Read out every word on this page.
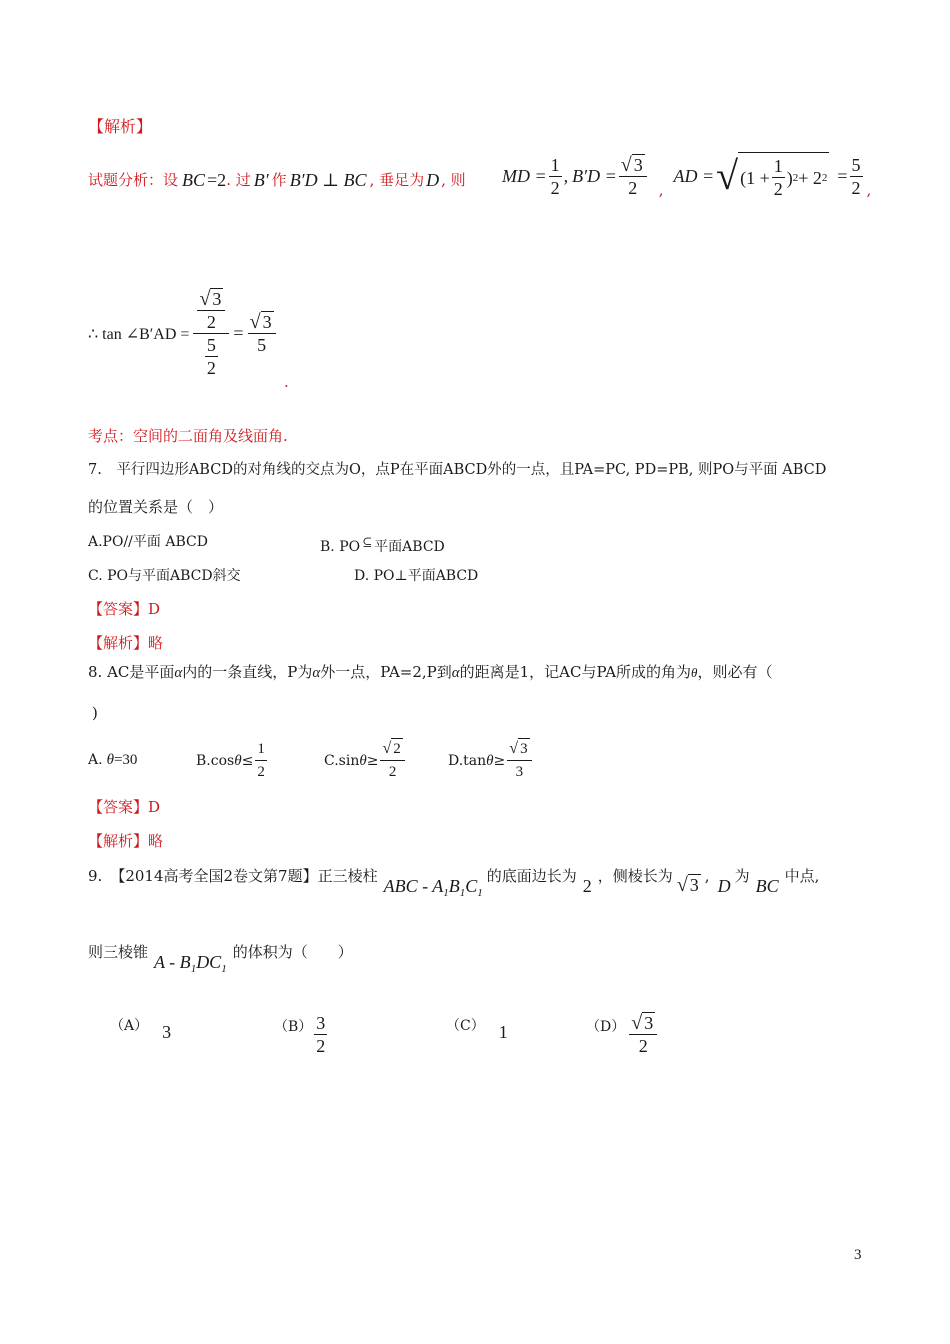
【解析】
试题分析：设 BC =2 . 过 B′ 作 B′D ⊥ BC , 垂足为 D , 则 MD = $\frac{1}{2}$ , $B'D = \frac{√ 3}{2}$ ,
AD = √ ($1 + \frac{1}{2}$ ) 2 + 2 $2 = \frac{5}{2}$ ,
∴ tan ∠B′AD = $\frac{\frac{√ 3}{2}}{\frac{5}{2}} = \frac{√ 3}{5}$
.
考点：空间的二面角及线面角.
7.　平行四边形ABCD的对角线的交点为O，点P在平面ABCD外的一点，且PA=PC, PD=PB, 则PO与平面 ABCD
的位置关系是（　）
A.PO//平面 ABCD	B. PO ⊆ 平面ABCD
C. PO与平面ABCD斜交	D. PO⊥平面ABCD
【答案】D
【解析】略
8. AC是平面α内的一条直线，P为α外一点，PA=2,P到α的距离是1，记AC与PA所成的角为θ，则必有（
)
A. θ =30	B.cos $\theta \le \frac{1}{2}$	C.sin $\theta \ge \frac{√ 2}{2}$	D.tan $\theta \ge \frac{√ 3}{3}$
【答案】D
【解析】略
9. 【2014高考全国2卷文第7题】 正三棱柱 ABC - $A_1B_1C_1$
的底面边长为 2 ，侧棱长为 √ 3 , D 为 BC 中点,
则三棱锥 A - $B_1DC_1$
的体积为（　　）
（A） 3	$(B) \frac{3}{2}$	（C） 1	$(D) \frac{√ 3}{2}$
3
